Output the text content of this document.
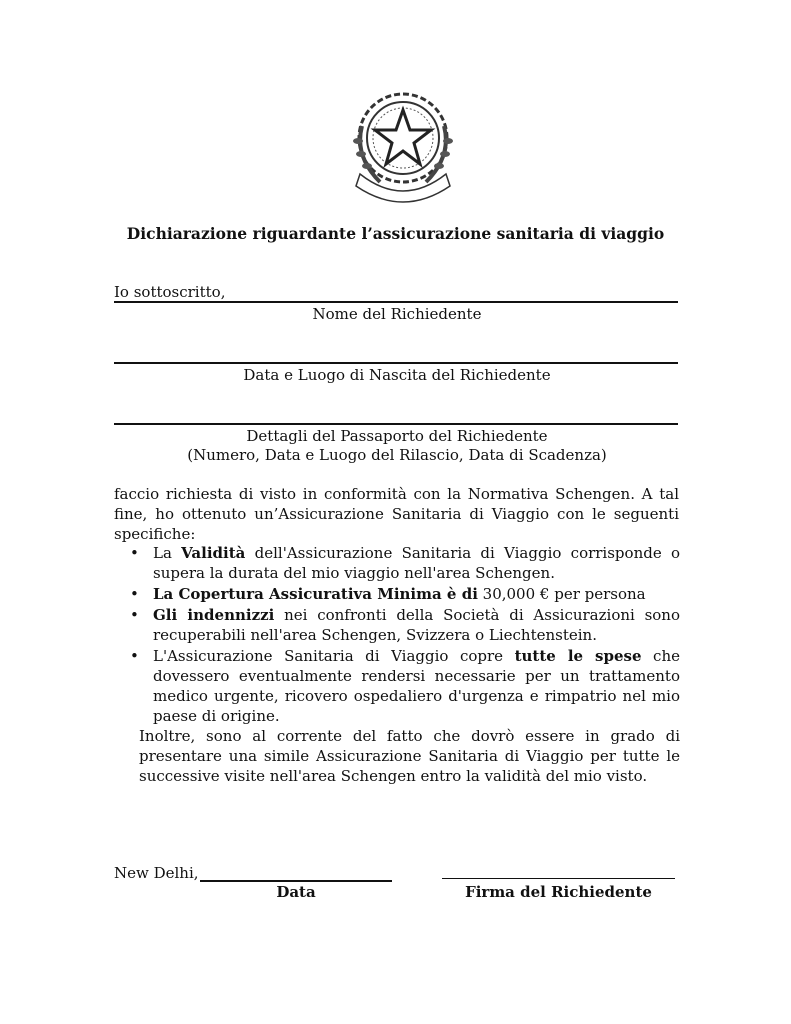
Dichiarazione riguardante l’assicurazione sanitaria di viaggio
Io sottoscritto,
Nome del Richiedente
Data e Luogo di Nascita del Richiedente
Dettagli del Passaporto del Richiedente
(Numero, Data e Luogo del Rilascio, Data di Scadenza)
faccio richiesta di visto in conformità con la Normativa Schengen. A tal fine, ho ottenuto un’Assicurazione Sanitaria di Viaggio con le seguenti specifiche:
• La Validità dell'Assicurazione Sanitaria di Viaggio corrisponde o supera la durata del mio viaggio nell'area Schengen.
• La Copertura Assicurativa Minima è di 30,000 € per persona
• Gli indennizzi nei confronti della Società di Assicurazioni sono recuperabili nell'area Schengen, Svizzera o Liechtenstein.
• L'Assicurazione Sanitaria di Viaggio copre tutte le spese che dovessero eventualmente rendersi necessarie per un trattamento medico urgente, ricovero ospedaliero d'urgenza e rimpatrio nel mio paese di origine.
Inoltre, sono al corrente del fatto che dovrò essere in grado di presentare una simile Assicurazione Sanitaria di Viaggio per tutte le successive visite nell'area Schengen entro la validità del mio visto.
New Delhi,
Data	Firma del Richiedente
